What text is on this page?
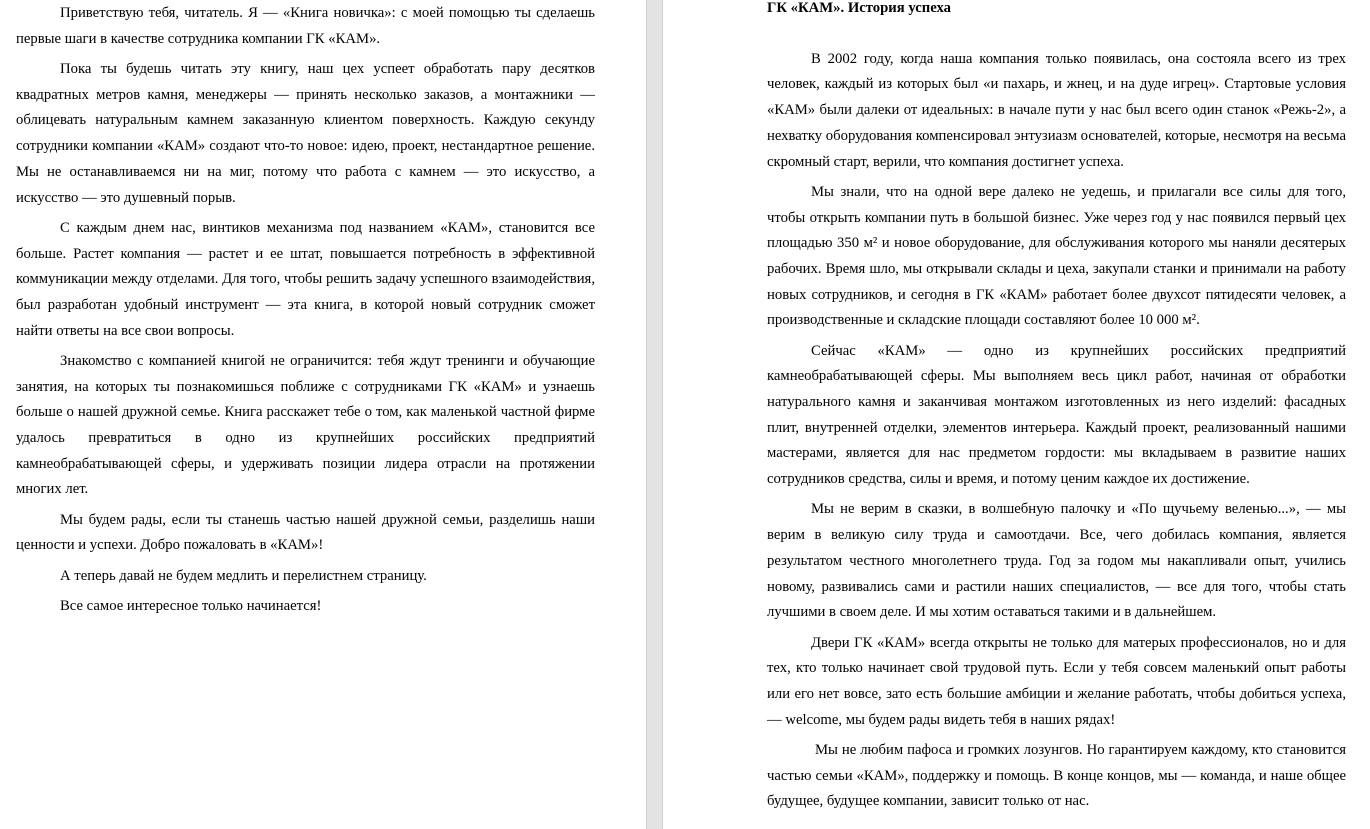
Приветствую тебя, читатель. Я — «Книга новичка»: с моей помощью ты сделаешь первые шаги в качестве сотрудника компании ГК «КАМ».

Пока ты будешь читать эту книгу, наш цех успеет обработать пару десятков квадратных метров камня, менеджеры — принять несколько заказов, а монтажники — облицевать натуральным камнем заказанную клиентом поверхность. Каждую секунду сотрудники компании «КАМ» создают что-то новое: идею, проект, нестандартное решение. Мы не останавливаемся ни на миг, потому что работа с камнем — это искусство, а искусство — это душевный порыв.

С каждым днем нас, винтиков механизма под названием «КАМ», становится все больше. Растет компания — растет и ее штат, повышается потребность в эффективной коммуникации между отделами. Для того, чтобы решить задачу успешного взаимодействия, был разработан удобный инструмент — эта книга, в которой новый сотрудник сможет найти ответы на все свои вопросы.

Знакомство с компанией книгой не ограничится: тебя ждут тренинги и обучающие занятия, на которых ты познакомишься поближе с сотрудниками ГК «КАМ» и узнаешь больше о нашей дружной семье. Книга расскажет тебе о том, как маленькой частной фирме удалось превратиться в одно из крупнейших российских предприятий камнеобрабатывающей сферы, и удерживать позиции лидера отрасли на протяжении многих лет.

Мы будем рады, если ты станешь частью нашей дружной семьи, разделишь наши ценности и успехи. Добро пожаловать в «КАМ»!

А теперь давай не будем медлить и перелистнем страницу.

Все самое интересное только начинается!

ГК «КАМ». История успеха

В 2002 году, когда наша компания только появилась, она состояла всего из трех человек, каждый из которых был «и пахарь, и жнец, и на дуде игрец». Стартовые условия «КАМ» были далеки от идеальных: в начале пути у нас был всего один станок «Режь-2», а нехватку оборудования компенсировал энтузиазм основателей, которые, несмотря на весьма скромный старт, верили, что компания достигнет успеха.

Мы знали, что на одной вере далеко не уедешь, и прилагали все силы для того, чтобы открыть компании путь в большой бизнес. Уже через год у нас появился первый цех площадью 350 м² и новое оборудование, для обслуживания которого мы наняли десятерых рабочих. Время шло, мы открывали склады и цеха, закупали станки и принимали на работу новых сотрудников, и сегодня в ГК «КАМ» работает более двухсот пятидесяти человек, а производственные и складские площади составляют более 10 000 м².

Сейчас «КАМ» — одно из крупнейших российских предприятий камнеобрабатывающей сферы. Мы выполняем весь цикл работ, начиная от обработки натурального камня и заканчивая монтажом изготовленных из него изделий: фасадных плит, внутренней отделки, элементов интерьера. Каждый проект, реализованный нашими мастерами, является для нас предметом гордости: мы вкладываем в развитие наших сотрудников средства, силы и время, и потому ценим каждое их достижение.

Мы не верим в сказки, в волшебную палочку и «По щучьему веленью...», — мы верим в великую силу труда и самоотдачи. Все, чего добилась компания, является результатом честного многолетнего труда. Год за годом мы накапливали опыт, учились новому, развивались сами и растили наших специалистов, — все для того, чтобы стать лучшими в своем деле. И мы хотим оставаться такими и в дальнейшем.

Двери ГК «КАМ» всегда открыты не только для матерых профессионалов, но и для тех, кто только начинает свой трудовой путь. Если у тебя совсем маленький опыт работы или его нет вовсе, зато есть большие амбиции и желание работать, чтобы добиться успеха, — welcome, мы будем рады видеть тебя в наших рядах!

Мы не любим пафоса и громких лозунгов. Но гарантируем каждому, кто становится частью семьи «КАМ», поддержку и помощь. В конце концов, мы — команда, и наше общее будущее, будущее компании, зависит только от нас.
